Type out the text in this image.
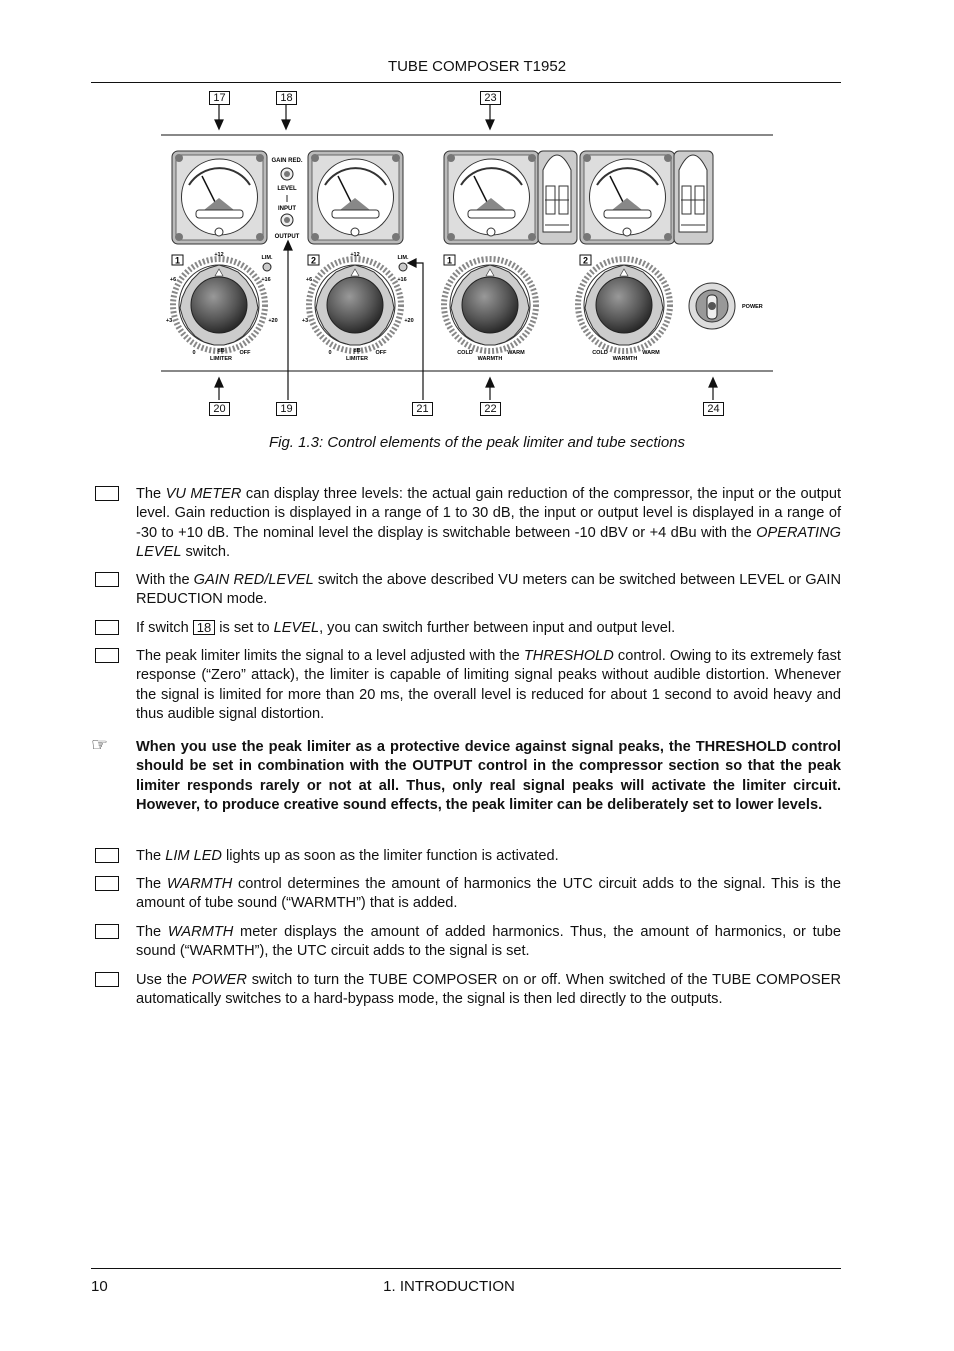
TUBE COMPOSER T1952
17	18	23
20	19	21	22	24
GAIN RED.
LEVEL
INPUT
OUTPUT
1	2	1	2
LIM.	LIM.
+12
+6	+16
+3	+20
0	dB	OFF
LIMITER
+12
+6	+16
+3	+20
0	dB	OFF
LIMITER
COLD	WARM
WARMTH
COLD	WARM
WARMTH
POWER
Fig. 1.3: Control elements of the peak limiter and tube sections
The VU METER can display three levels: the actual gain reduction of the compressor, the input or the output level. Gain reduction is displayed in a range of 1 to 30 dB, the input or output level is displayed in a range of -30 to +10 dB. The nominal level the display is switchable between -10 dBV or +4 dBu with the OPERATING LEVEL switch.
With the GAIN RED/LEVEL switch the above described VU meters can be switched between LEVEL or GAIN REDUCTION mode.
If switch 18 is set to LEVEL, you can switch further between input and output level.
The peak limiter limits the signal to a level adjusted with the THRESHOLD control. Owing to its extremely fast response (“Zero” attack), the limiter is capable of limiting signal peaks without audible distortion. Whenever the signal is limited for more than 20 ms, the overall level is reduced for about 1 second to avoid heavy and thus audible signal distortion.
☞ When you use the peak limiter as a protective device against signal peaks, the THRESHOLD control should be set in combination with the OUTPUT control in the compressor section so that the peak limiter responds rarely or not at all. Thus, only real signal peaks will activate the limiter circuit. However, to produce creative sound effects, the peak limiter can be deliberately set to lower levels.
The LIM LED lights up as soon as the limiter function is activated.
The WARMTH control determines the amount of harmonics the UTC circuit adds to the signal. This is the amount of tube sound (“WARMTH”) that is added.
The WARMTH meter displays the amount of added harmonics. Thus, the amount of harmonics, or tube sound (“WARMTH”), the UTC circuit adds to the signal is set.
Use the POWER switch to turn the TUBE COMPOSER on or off. When switched of the TUBE COMPOSER automatically switches to a hard-bypass mode, the signal is then led directly to the outputs.
10	1. INTRODUCTION
